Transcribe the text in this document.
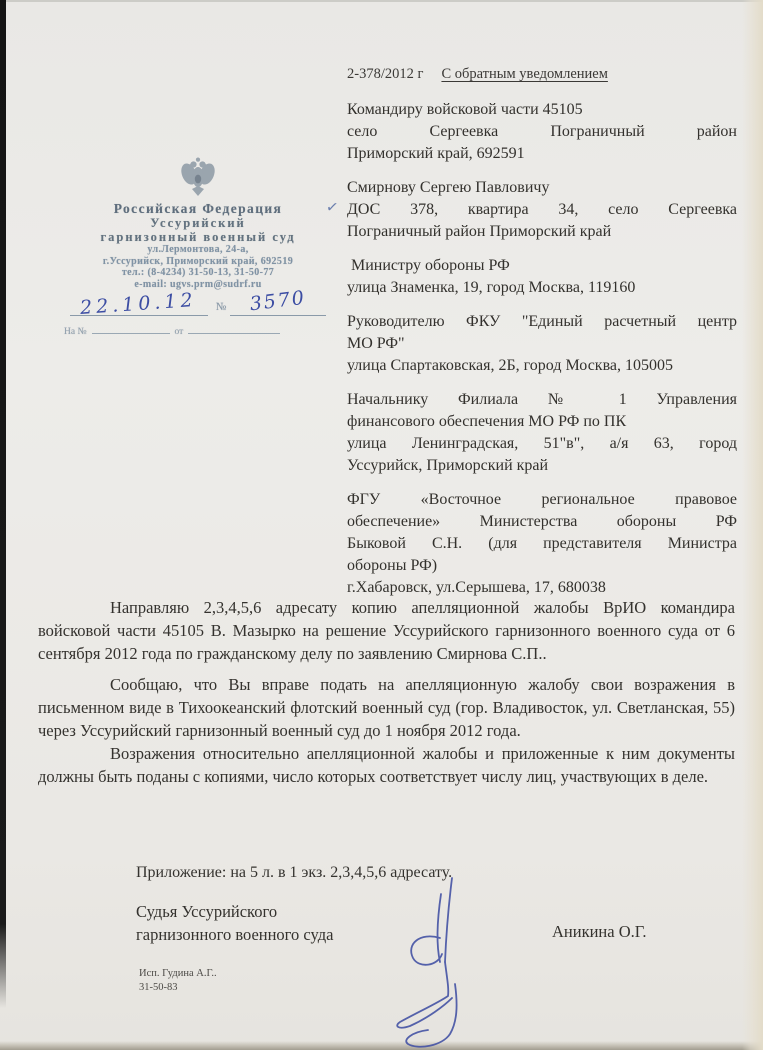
Российская Федерация
Уссурийский
гарнизонный военный суд
ул.Лермонтова, 24-а,
г.Уссурийск, Приморский край, 692519
тел.: (8-4234) 31-50-13, 31-50-77
e-mail: ugvs.prm@sudrf.ru
22.10.12 № 3570
На №	от
2-378/2012 г С обратным уведомлением
Командиру войсковой части 45105
село Сергеевка Пограничный район
Приморский край, 692591
Смирнову Сергею Павловичу
✓ ДОС 378, квартира 34, село Сергеевка
Пограничный район Приморский край
Министру обороны РФ
улица Знаменка, 19, город Москва, 119160
Руководителю ФКУ "Единый расчетный центр
МО РФ"
улица Спартаковская, 2Б, город Москва, 105005
Начальнику Филиала № 1 Управления
финансового обеспечения МО РФ по ПК
улица Ленинградская, 51"в", а/я 63, город
Уссурийск, Приморский край
ФГУ «Восточное региональное правовое
обеспечение» Министерства обороны РФ
Быковой С.Н. (для представителя Министра
обороны РФ)
г.Хабаровск, ул.Серышева, 17, 680038
Направляю 2,3,4,5,6 адресату копию апелляционной жалобы ВрИО командира войсковой части 45105 В. Мазырко на решение Уссурийского гарнизонного военного суда от 6 сентября 2012 года по гражданскому делу по заявлению Смирнова С.П..
Сообщаю, что Вы вправе подать на апелляционную жалобу свои возражения в письменном виде в Тихоокеанский флотский военный суд (гор. Владивосток, ул. Светланская, 55) через Уссурийский гарнизонный военный суд до 1 ноября 2012 года.
Возражения относительно апелляционной жалобы и приложенные к ним документы должны быть поданы с копиями, число которых соответствует числу лиц, участвующих в деле.
Приложение: на 5 л. в 1 экз. 2,3,4,5,6 адресату.
Судья Уссурийского
гарнизонного военного суда	Аникина О.Г.
Исп. Гудина А.Г..
31-50-83
